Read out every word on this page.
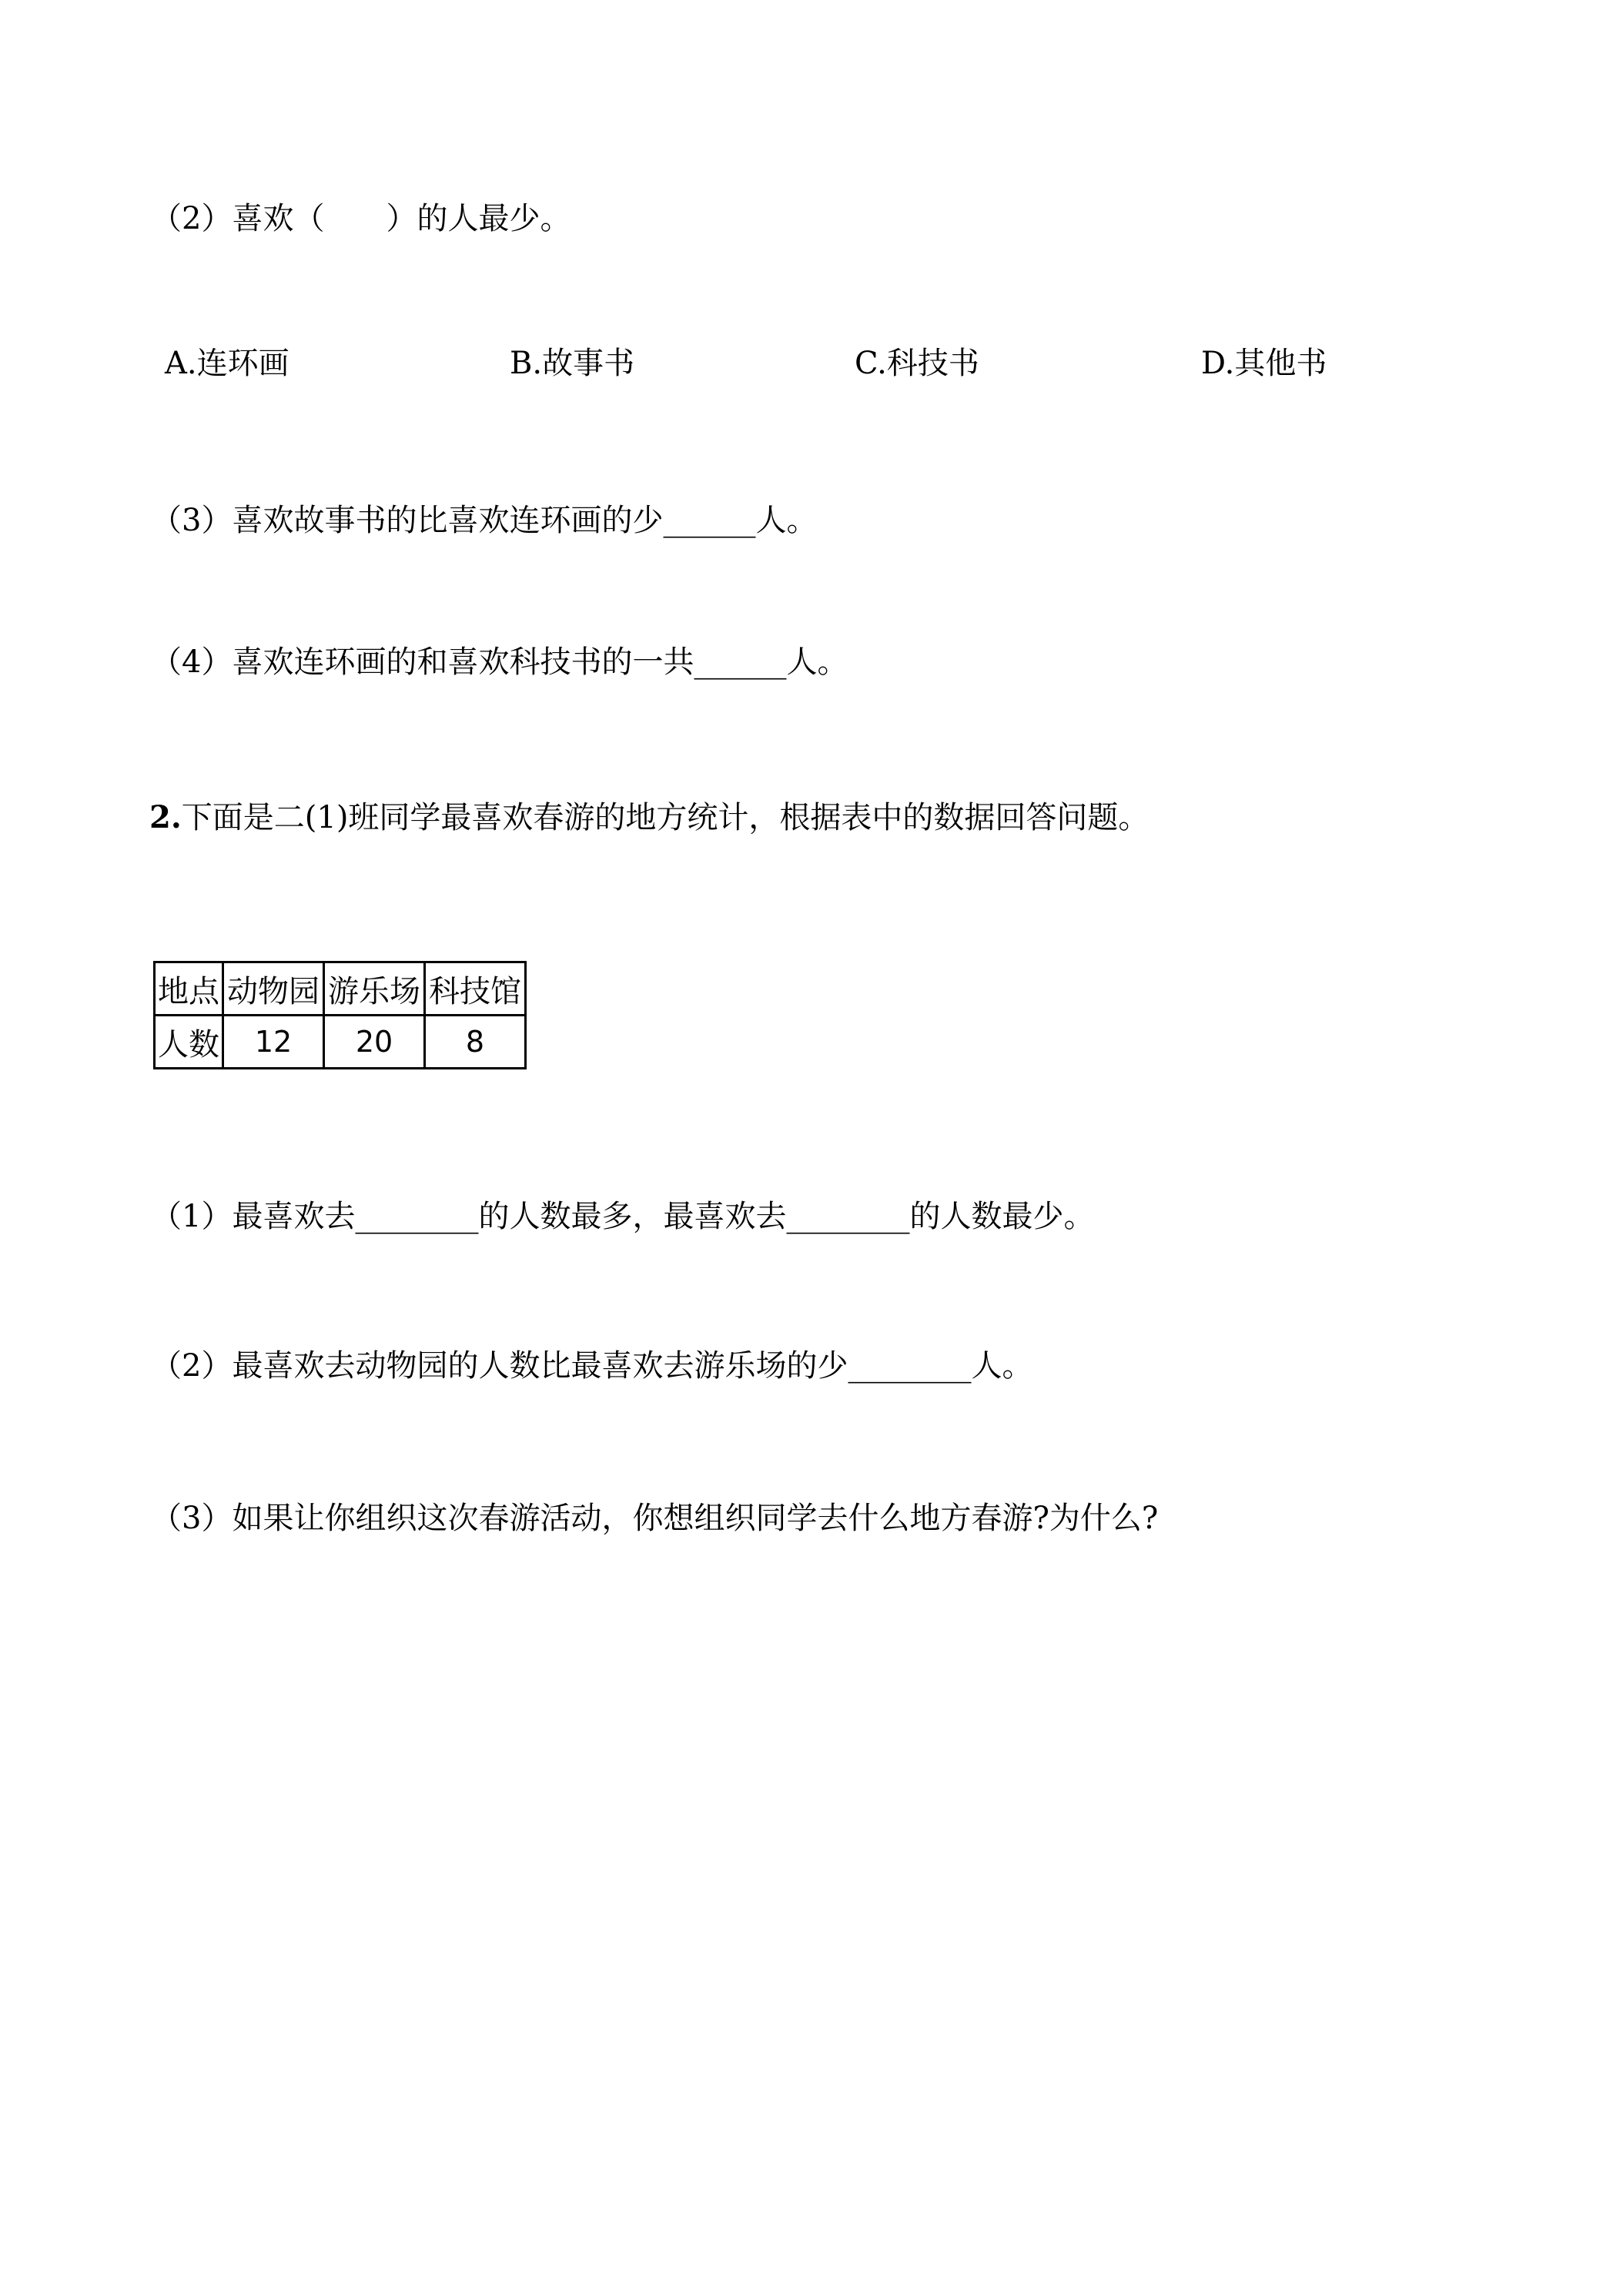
（2）喜欢（　　）的人最少。
A.连环画	B.故事书	C.科技书	D.其他书
（3）喜欢故事书的比喜欢连环画的少______人。
（4）喜欢连环画的和喜欢科技书的一共______人。
2.下面是二(1)班同学最喜欢春游的地方统计，根据表中的数据回答问题。
地点	动物园	游乐场	科技馆
人数	12	20	8
（1）最喜欢去________的人数最多，最喜欢去________的人数最少。
（2）最喜欢去动物园的人数比最喜欢去游乐场的少________人。
（3）如果让你组织这次春游活动，你想组织同学去什么地方春游?为什么?
